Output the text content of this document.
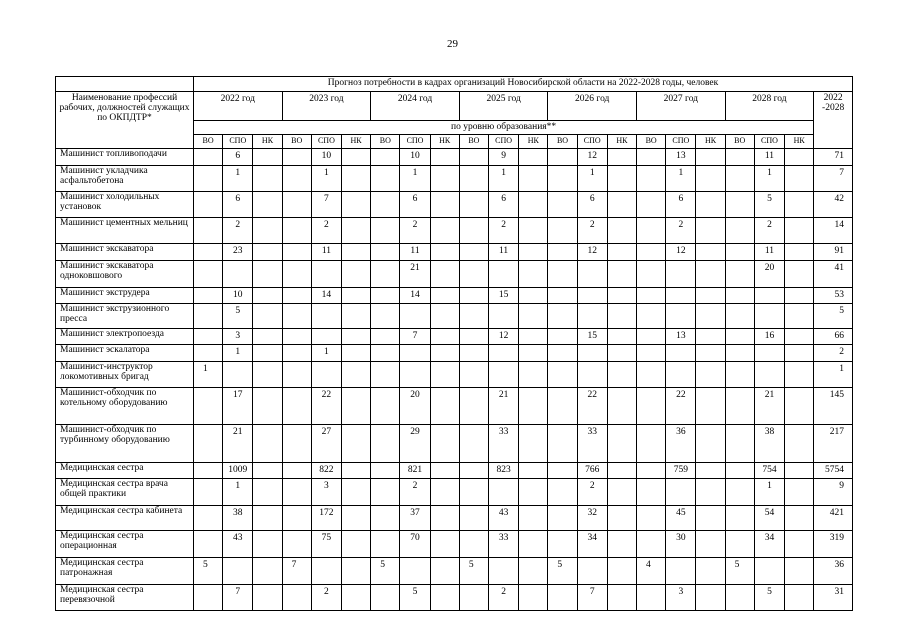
29
	Прогноз потребности в кадрах организаций Новосибирской области на 2022-2028 годы, человек																					
Наименование профессий рабочих, должностей служащих по ОКПДТР*	2022 год			2023 год			2024 год			2025 год			2026 год			2027 год			2028 год			2022 -2028
	по уровню образования**																					
	ВО	СПО	НК	ВО	СПО	НК	ВО	СПО	НК	ВО	СПО	НК	ВО	СПО	НК	ВО	СПО	НК	ВО	СПО	НК	
Машинист топливоподачи		6			10			10			9			12			13			11		71
Машинист укладчика асфальтобетона		1			1			1			1			1			1			1		7
Машинист холодильных установок		6			7			6			6			6			6			5		42
Машинист цементных мельниц		2			2			2			2			2			2			2		14
Машинист экскаватора		23			11			11			11			12			12			11		91
Машинист экскаватора одноковшового								21												20		41
Машинист экструдера		10			14			14			15											53
Машинист экструзионного пресса		5																				5
Машинист электропоезда		3						7			12			15			13			16		66
Машинист эскалатора		1			1																	2
Машинист-инструктор локомотивных бригад	1																					1
Машинист-обходчик по котельному оборудованию		17			22			20			21			22			22			21		145
Машинист-обходчик по турбинному оборудованию		21			27			29			33			33			36			38		217
Медицинская сестра		1009			822			821			823			766			759			754		5754
Медицинская сестра врача общей практики		1			3			2						2						1		9
Медицинская сестра кабинета		38			172			37			43			32			45			54		421
Медицинская сестра операционная		43			75			70			33			34			30			34		319
Медицинская сестра патронажная	5			7			5			5			5			4			5			36
Медицинская сестра перевязочной		7			2			5			2			7			3			5		31
